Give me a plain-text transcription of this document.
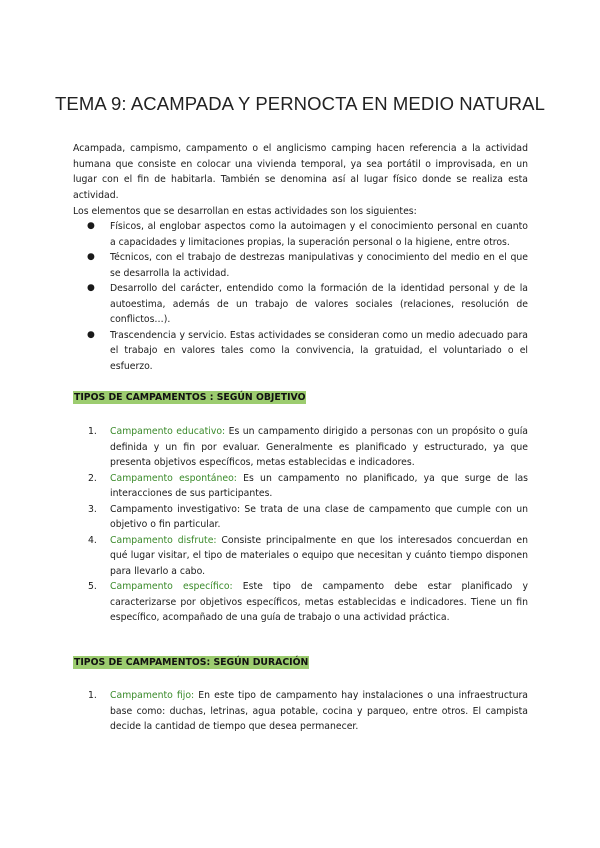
TEMA 9: ACAMPADA Y PERNOCTA EN MEDIO NATURAL

Acampada, campismo, campamento o el anglicismo camping hacen referencia a la actividad humana que consiste en colocar una vivienda temporal, ya sea portátil o improvisada, en un lugar con el fin de habitarla. También se denomina así al lugar físico donde se realiza esta actividad.

Los elementos que se desarrollan en estas actividades son los siguientes:

● Físicos, al englobar aspectos como la autoimagen y el conocimiento personal en cuanto a capacidades y limitaciones propias, la superación personal o la higiene, entre otros.
● Técnicos, con el trabajo de destrezas manipulativas y conocimiento del medio en el que se desarrolla la actividad.
● Desarrollo del carácter, entendido como la formación de la identidad personal y de la autoestima, además de un trabajo de valores sociales (relaciones, resolución de conflictos…).
● Trascendencia y servicio. Estas actividades se consideran como un medio adecuado para el trabajo en valores tales como la convivencia, la gratuidad, el voluntariado o el esfuerzo.
TIPOS DE CAMPAMENTOS : SEGÚN OBJETIVO
1. Campamento educativo: Es un campamento dirigido a personas con un propósito o guía definida y un fin por evaluar. Generalmente es planificado y estructurado, ya que presenta objetivos específicos, metas establecidas e indicadores.
2. Campamento espontáneo: Es un campamento no planificado, ya que surge de las interacciones de sus participantes.
3. Campamento investigativo: Se trata de una clase de campamento que cumple con un objetivo o fin particular.
4. Campamento disfrute: Consiste principalmente en que los interesados concuerdan en qué lugar visitar, el tipo de materiales o equipo que necesitan y cuánto tiempo disponen para llevarlo a cabo.
5. Campamento específico: Este tipo de campamento debe estar planificado y caracterizarse por objetivos específicos, metas establecidas e indicadores. Tiene un fin específico, acompañado de una guía de trabajo o una actividad práctica.
TIPOS DE CAMPAMENTOS: SEGÚN DURACIÓN
1. Campamento fijo: En este tipo de campamento hay instalaciones o una infraestructura base como: duchas, letrinas, agua potable, cocina y parqueo, entre otros. El campista decide la cantidad de tiempo que desea permanecer.
